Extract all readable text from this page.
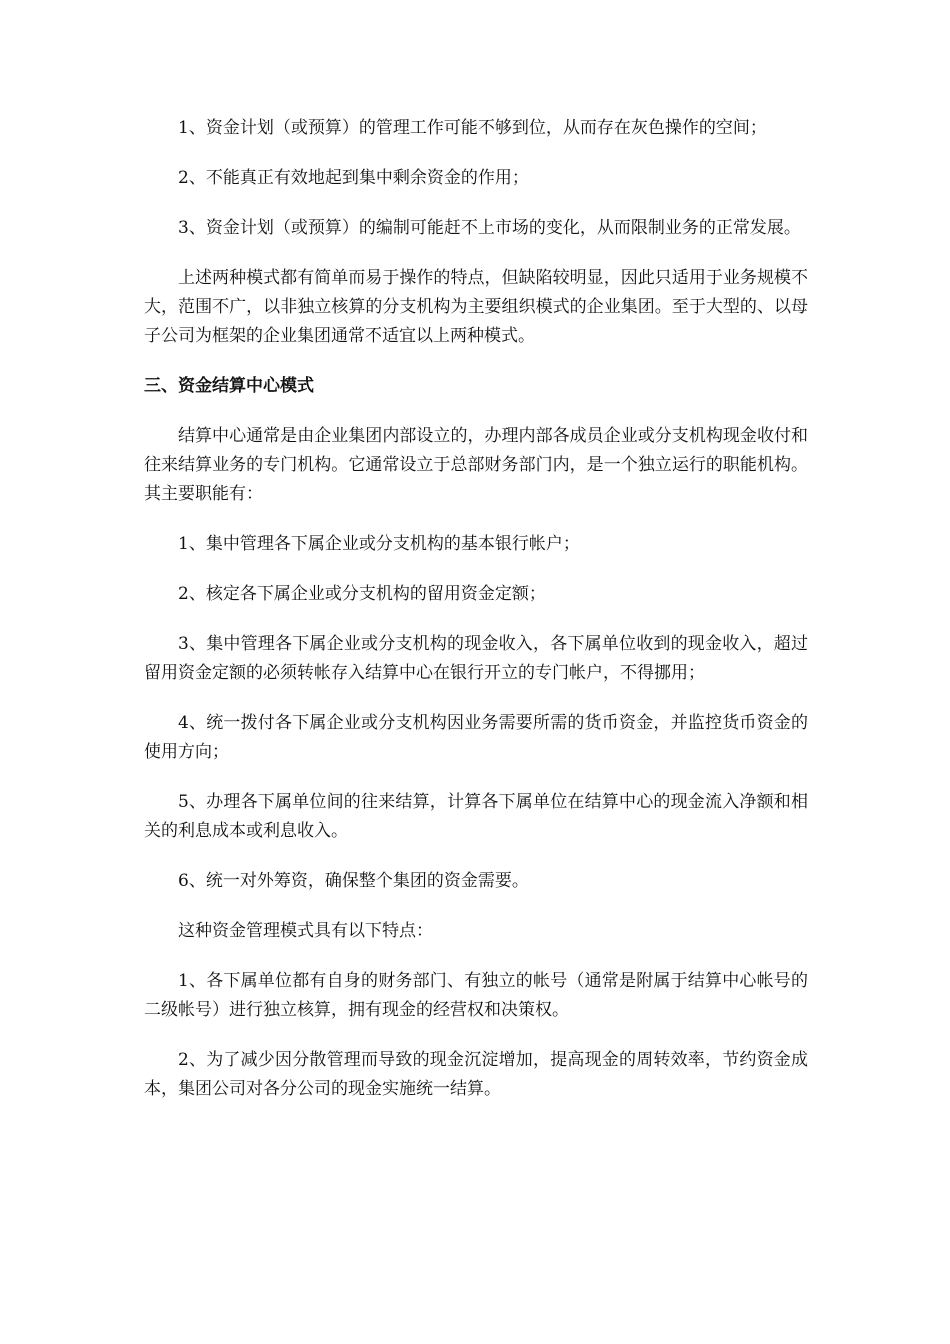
1、资金计划（或预算）的管理工作可能不够到位，从而存在灰色操作的空间；

2、不能真正有效地起到集中剩余资金的作用；

3、资金计划（或预算）的编制可能赶不上市场的变化，从而限制业务的正常发展。

上述两种模式都有简单而易于操作的特点，但缺陷较明显，因此只适用于业务规模不大，范围不广，以非独立核算的分支机构为主要组织模式的企业集团。至于大型的、以母子公司为框架的企业集团通常不适宜以上两种模式。

三、资金结算中心模式

结算中心通常是由企业集团内部设立的，办理内部各成员企业或分支机构现金收付和往来结算业务的专门机构。它通常设立于总部财务部门内，是一个独立运行的职能机构。其主要职能有：

1、集中管理各下属企业或分支机构的基本银行帐户；

2、核定各下属企业或分支机构的留用资金定额；

3、集中管理各下属企业或分支机构的现金收入，各下属单位收到的现金收入，超过留用资金定额的必须转帐存入结算中心在银行开立的专门帐户，不得挪用；

4、统一拨付各下属企业或分支机构因业务需要所需的货币资金，并监控货币资金的使用方向；

5、办理各下属单位间的往来结算，计算各下属单位在结算中心的现金流入净额和相关的利息成本或利息收入。

6、统一对外筹资，确保整个集团的资金需要。

这种资金管理模式具有以下特点：

1、各下属单位都有自身的财务部门、有独立的帐号（通常是附属于结算中心帐号的二级帐号）进行独立核算，拥有现金的经营权和决策权。

2、为了减少因分散管理而导致的现金沉淀增加，提高现金的周转效率，节约资金成本，集团公司对各分公司的现金实施统一结算。
